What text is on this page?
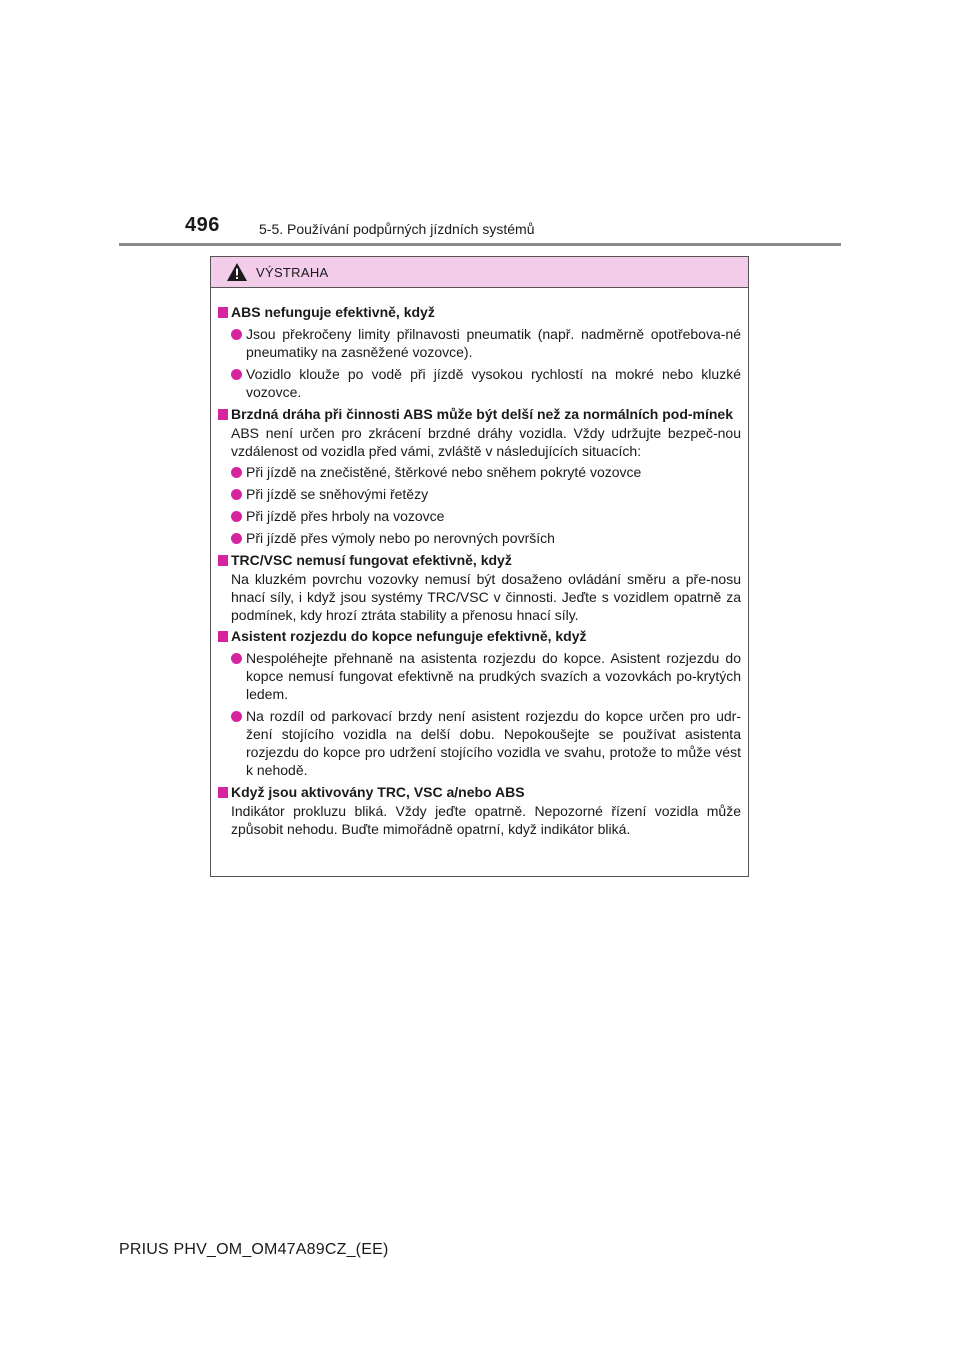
496	5-5. Používání podpůrných jízdních systémů
VÝSTRAHA
ABS nefunguje efektivně, když
Jsou překročeny limity přilnavosti pneumatik (např. nadměrně opotřebova-né pneumatiky na zasněžené vozovce).
Vozidlo klouže po vodě při jízdě vysokou rychlostí na mokré nebo kluzké vozovce.
Brzdná dráha při činnosti ABS může být delší než za normálních pod-mínek
ABS není určen pro zkrácení brzdné dráhy vozidla. Vždy udržujte bezpeč-nou vzdálenost od vozidla před vámi, zvláště v následujících situacích:
Při jízdě na znečistěné, štěrkové nebo sněhem pokryté vozovce
Při jízdě se sněhovými řetězy
Při jízdě přes hrboly na vozovce
Při jízdě přes výmoly nebo po nerovných površích
TRC/VSC nemusí fungovat efektivně, když
Na kluzkém povrchu vozovky nemusí být dosaženo ovládání směru a pře-nosu hnací síly, i když jsou systémy TRC/VSC v činnosti. Jeďte s vozidlem opatrně za podmínek, kdy hrozí ztráta stability a přenosu hnací síly.
Asistent rozjezdu do kopce nefunguje efektivně, když
Nespoléhejte přehnaně na asistenta rozjezdu do kopce. Asistent rozjezdu do kopce nemusí fungovat efektivně na prudkých svazích a vozovkách po-krytých ledem.
Na rozdíl od parkovací brzdy není asistent rozjezdu do kopce určen pro udr-žení stojícího vozidla na delší dobu. Nepokoušejte se používat asistenta rozjezdu do kopce pro udržení stojícího vozidla ve svahu, protože to může vést k nehodě.
Když jsou aktivovány TRC, VSC a/nebo ABS
Indikátor prokluzu bliká. Vždy jeďte opatrně. Nepozorné řízení vozidla může způsobit nehodu. Buďte mimořádně opatrní, když indikátor bliká.
PRIUS PHV_OM_OM47A89CZ_(EE)
